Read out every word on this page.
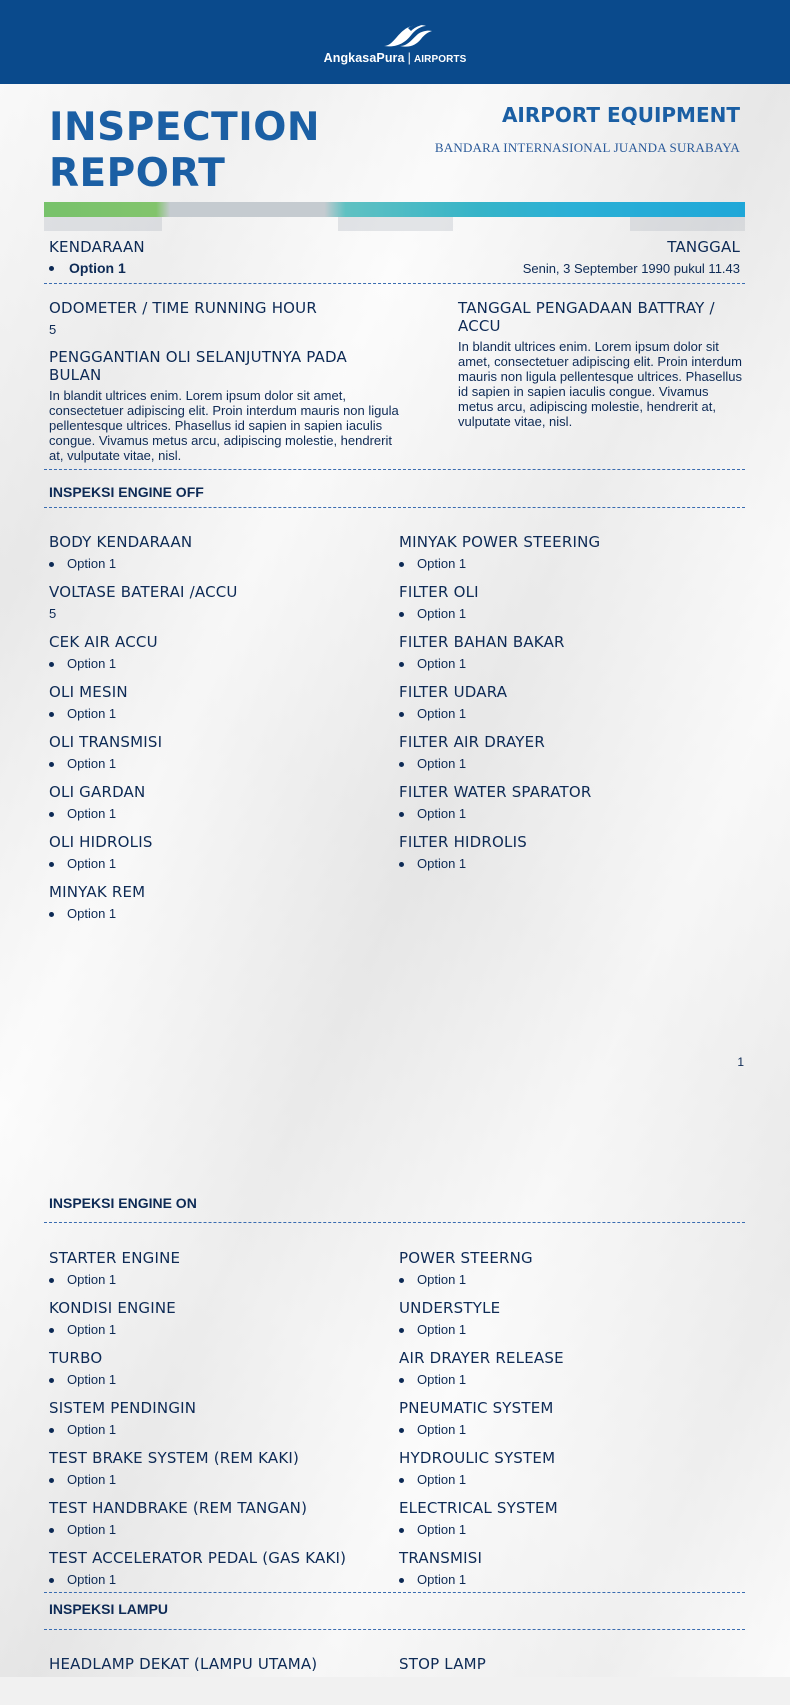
AngkasaPura | AIRPORTS
INSPECTION REPORT
AIRPORT EQUIPMENT
BANDARA INTERNASIONAL JUANDA SURABAYA
KENDARAAN
Option 1
TANGGAL
Senin, 3 September 1990 pukul 11.43
ODOMETER / TIME RUNNING HOUR
5
PENGGANTIAN OLI SELANJUTNYA PADA BULAN
In blandit ultrices enim. Lorem ipsum dolor sit amet, consectetuer adipiscing elit. Proin interdum mauris non ligula pellentesque ultrices. Phasellus id sapien in sapien iaculis congue. Vivamus metus arcu, adipiscing molestie, hendrerit at, vulputate vitae, nisl.
TANGGAL PENGADAAN BATTRAY / ACCU
In blandit ultrices enim. Lorem ipsum dolor sit amet, consectetuer adipiscing elit. Proin interdum mauris non ligula pellentesque ultrices. Phasellus id sapien in sapien iaculis congue. Vivamus metus arcu, adipiscing molestie, hendrerit at, vulputate vitae, nisl.
INSPEKSI ENGINE OFF
BODY KENDARAAN
Option 1
VOLTASE BATERAI /ACCU
5
CEK AIR ACCU
Option 1
OLI MESIN
Option 1
OLI TRANSMISI
Option 1
OLI GARDAN
Option 1
OLI HIDROLIS
Option 1
MINYAK REM
Option 1
MINYAK POWER STEERING
Option 1
FILTER OLI
Option 1
FILTER BAHAN BAKAR
Option 1
FILTER UDARA
Option 1
FILTER AIR DRAYER
Option 1
FILTER WATER SPARATOR
Option 1
FILTER HIDROLIS
Option 1
1
INSPEKSI ENGINE ON
STARTER ENGINE
Option 1
KONDISI ENGINE
Option 1
TURBO
Option 1
SISTEM PENDINGIN
Option 1
TEST BRAKE SYSTEM (REM KAKI)
Option 1
TEST HANDBRAKE (REM TANGAN)
Option 1
TEST ACCELERATOR PEDAL (GAS KAKI)
Option 1
POWER STEERNG
Option 1
UNDERSTYLE
Option 1
AIR DRAYER RELEASE
Option 1
PNEUMATIC SYSTEM
Option 1
HYDROULIC SYSTEM
Option 1
ELECTRICAL SYSTEM
Option 1
TRANSMISI
Option 1
INSPEKSI LAMPU
HEADLAMP DEKAT (LAMPU UTAMA)	STOP LAMP
